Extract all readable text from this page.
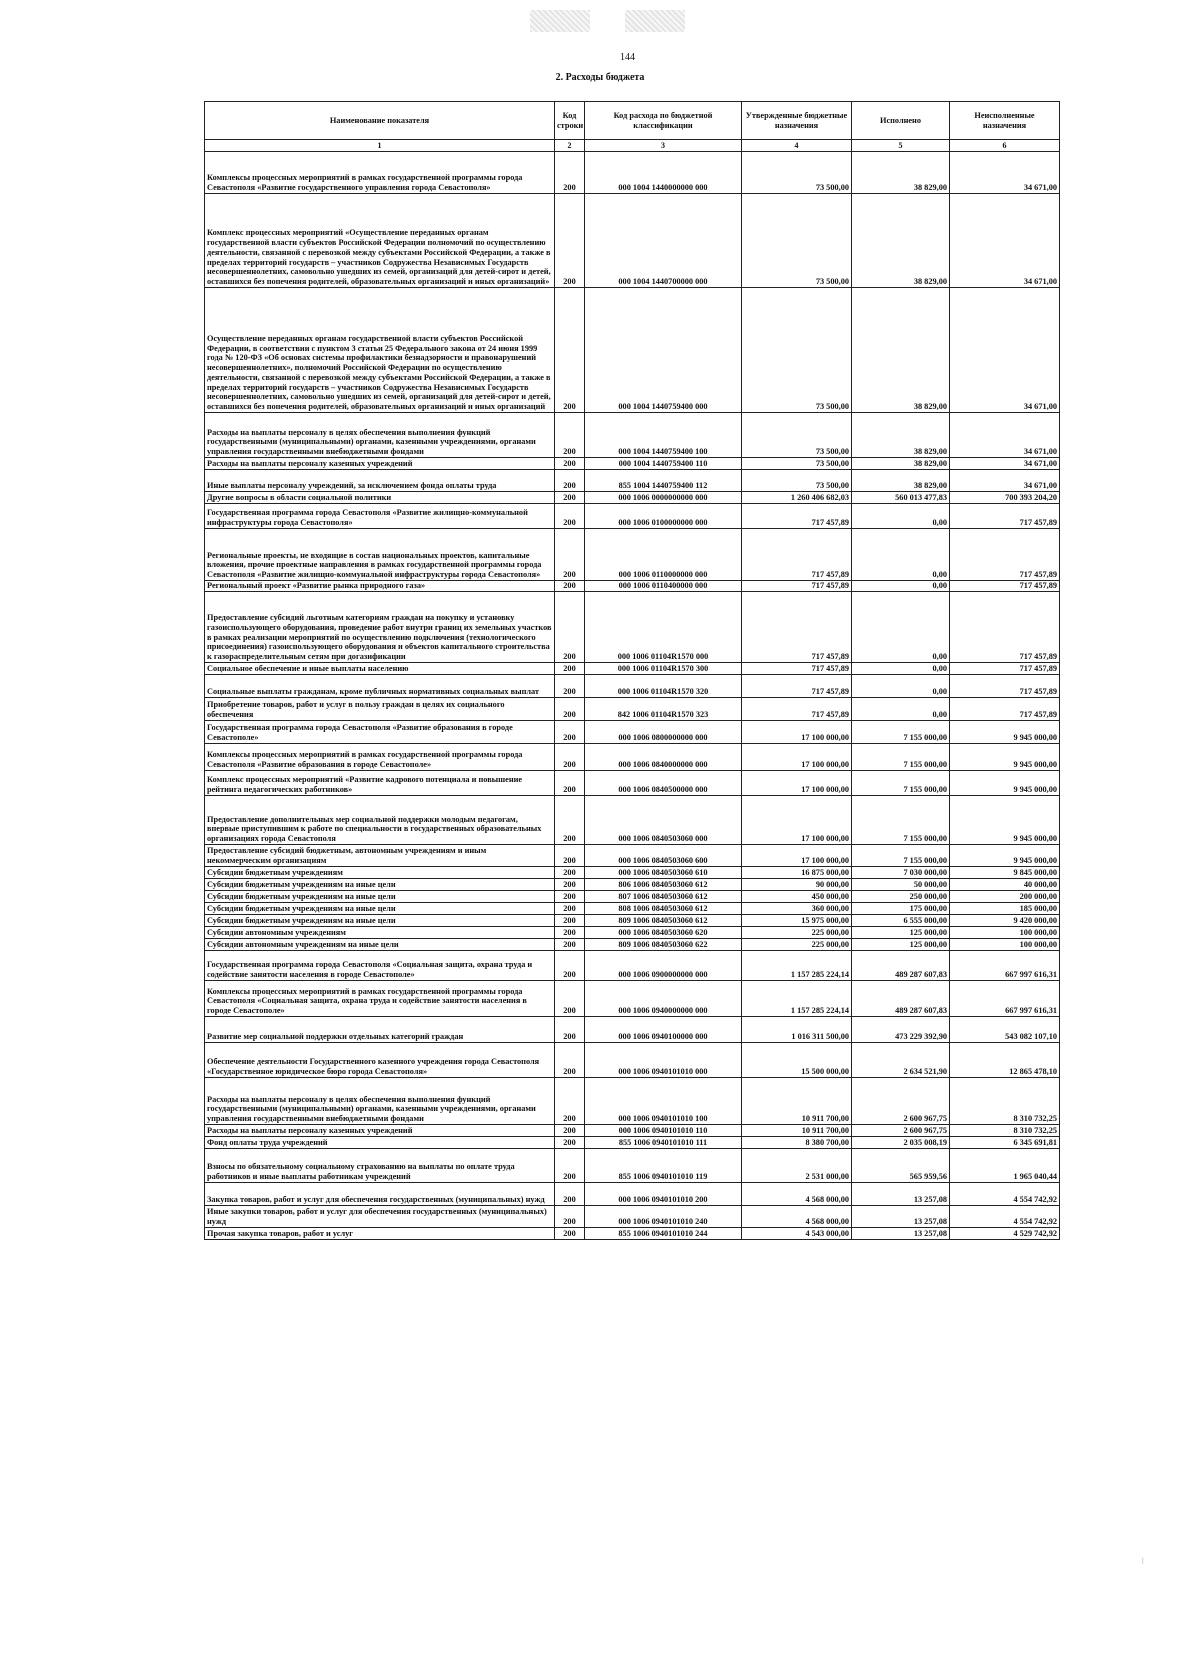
144
2. Расходы бюджета
Наименование показателя	Код строки	Код расхода по бюджетной классификации	Утвержденные бюджетные назначения	Исполнено	Неисполненные назначения
1	2	3	4	5	6
Комплексы процессных мероприятий в рамках государственной программы города Севастополя «Развитие государственного управления города Севастополя»	200	000 1004 1440000000 000	73 500,00	38 829,00	34 671,00
Комплекс процессных мероприятий «Осуществление переданных органам государственной власти субъектов Российской Федерации полномочий по осуществлению деятельности, связанной с перевозкой между субъектами Российской Федерации, а также в пределах территорий государств – участников Содружества Независимых Государств несовершеннолетних, самовольно ушедших из семей, организаций для детей-сирот и детей, оставшихся без попечения родителей, образовательных организаций и иных организаций»	200	000 1004 1440700000 000	73 500,00	38 829,00	34 671,00
Осуществление переданных органам государственной власти субъектов Российской Федерации, в соответствии с пунктом 3 статьи 25 Федерального закона от 24 июня 1999 года № 120-ФЗ «Об основах системы профилактики безнадзорности и правонарушений несовершеннолетних», полномочий Российской Федерации по осуществлению деятельности, связанной с перевозкой между субъектами Российской Федерации, а также в пределах территорий государств – участников Содружества Независимых Государств несовершеннолетних, самовольно ушедших из семей, организаций для детей-сирот и детей, оставшихся без попечения родителей, образовательных организаций и иных организаций	200	000 1004 1440759400 000	73 500,00	38 829,00	34 671,00
Расходы на выплаты персоналу в целях обеспечения выполнения функций государственными (муниципальными) органами, казенными учреждениями, органами управления государственными внебюджетными фондами	200	000 1004 1440759400 100	73 500,00	38 829,00	34 671,00
Расходы на выплаты персоналу казенных учреждений	200	000 1004 1440759400 110	73 500,00	38 829,00	34 671,00
Иные выплаты персоналу учреждений, за исключением фонда оплаты труда	200	855 1004 1440759400 112	73 500,00	38 829,00	34 671,00
Другие вопросы в области социальной политики	200	000 1006 0000000000 000	1 260 406 682,03	560 013 477,83	700 393 204,20
Государственная программа города Севастополя «Развитие жилищно-коммунальной инфраструктуры города Севастополя»	200	000 1006 0100000000 000	717 457,89	0,00	717 457,89
Региональные проекты, не входящие в состав национальных проектов, капитальные вложения, прочие проектные направления в рамках государственной программы города Севастополя «Развитие жилищно-коммунальной инфраструктуры города Севастополя»	200	000 1006 0110000000 000	717 457,89	0,00	717 457,89
Региональный проект «Развитие рынка природного газа»	200	000 1006 0110400000 000	717 457,89	0,00	717 457,89
Предоставление субсидий льготным категориям граждан на покупку и установку газоиспользующего оборудования, проведение работ внутри границ их земельных участков в рамках реализации мероприятий по осуществлению подключения (технологического присоединения) газоиспользующего оборудования и объектов капитального строительства к газораспределительным сетям при догазификации	200	000 1006 01104R1570 000	717 457,89	0,00	717 457,89
Социальное обеспечение и иные выплаты населению	200	000 1006 01104R1570 300	717 457,89	0,00	717 457,89
Социальные выплаты гражданам, кроме публичных нормативных социальных выплат	200	000 1006 01104R1570 320	717 457,89	0,00	717 457,89
Приобретение товаров, работ и услуг в пользу граждан в целях их социального обеспечения	200	842 1006 01104R1570 323	717 457,89	0,00	717 457,89
Государственная программа города Севастополя «Развитие образования в городе Севастополе»	200	000 1006 0800000000 000	17 100 000,00	7 155 000,00	9 945 000,00
Комплексы процессных мероприятий в рамках государственной программы города Севастополя «Развитие образования в городе Севастополе»	200	000 1006 0840000000 000	17 100 000,00	7 155 000,00	9 945 000,00
Комплекс процессных мероприятий «Развитие кадрового потенциала и повышение рейтинга педагогических работников»	200	000 1006 0840500000 000	17 100 000,00	7 155 000,00	9 945 000,00
Предоставление дополнительных мер социальной поддержки молодым педагогам, впервые приступившим к работе по специальности в государственных образовательных организациях города Севастополя	200	000 1006 0840503060 000	17 100 000,00	7 155 000,00	9 945 000,00
Предоставление субсидий бюджетным, автономным учреждениям и иным некоммерческим организациям	200	000 1006 0840503060 600	17 100 000,00	7 155 000,00	9 945 000,00
Субсидии бюджетным учреждениям	200	000 1006 0840503060 610	16 875 000,00	7 030 000,00	9 845 000,00
Субсидии бюджетным учреждениям на иные цели	200	806 1006 0840503060 612	90 000,00	50 000,00	40 000,00
Субсидии бюджетным учреждениям на иные цели	200	807 1006 0840503060 612	450 000,00	250 000,00	200 000,00
Субсидии бюджетным учреждениям на иные цели	200	808 1006 0840503060 612	360 000,00	175 000,00	185 000,00
Субсидии бюджетным учреждениям на иные цели	200	809 1006 0840503060 612	15 975 000,00	6 555 000,00	9 420 000,00
Субсидии автономным учреждениям	200	000 1006 0840503060 620	225 000,00	125 000,00	100 000,00
Субсидии автономным учреждениям на иные цели	200	809 1006 0840503060 622	225 000,00	125 000,00	100 000,00
Государственная программа города Севастополя «Социальная защита, охрана труда и содействие занятости населения в городе Севастополе»	200	000 1006 0900000000 000	1 157 285 224,14	489 287 607,83	667 997 616,31
Комплексы процессных мероприятий в рамках государственной программы города Севастополя «Социальная защита, охрана труда и содействие занятости населения в городе Севастополе»	200	000 1006 0940000000 000	1 157 285 224,14	489 287 607,83	667 997 616,31
Развитие мер социальной поддержки отдельных категорий граждан	200	000 1006 0940100000 000	1 016 311 500,00	473 229 392,90	543 082 107,10
Обеспечение деятельности Государственного казенного учреждения города Севастополя «Государственное юридическое бюро города Севастополя»	200	000 1006 0940101010 000	15 500 000,00	2 634 521,90	12 865 478,10
Расходы на выплаты персоналу в целях обеспечения выполнения функций государственными (муниципальными) органами, казенными учреждениями, органами управления государственными внебюджетными фондами	200	000 1006 0940101010 100	10 911 700,00	2 600 967,75	8 310 732,25
Расходы на выплаты персоналу казенных учреждений	200	000 1006 0940101010 110	10 911 700,00	2 600 967,75	8 310 732,25
Фонд оплаты труда учреждений	200	855 1006 0940101010 111	8 380 700,00	2 035 008,19	6 345 691,81
Взносы по обязательному социальному страхованию на выплаты по оплате труда работников и иные выплаты работникам учреждений	200	855 1006 0940101010 119	2 531 000,00	565 959,56	1 965 040,44
Закупка товаров, работ и услуг для обеспечения государственных (муниципальных) нужд	200	000 1006 0940101010 200	4 568 000,00	13 257,08	4 554 742,92
Иные закупки товаров, работ и услуг для обеспечения государственных (муниципальных) нужд	200	000 1006 0940101010 240	4 568 000,00	13 257,08	4 554 742,92
Прочая закупка товаров, работ и услуг	200	855 1006 0940101010 244	4 543 000,00	13 257,08	4 529 742,92
ǀ
